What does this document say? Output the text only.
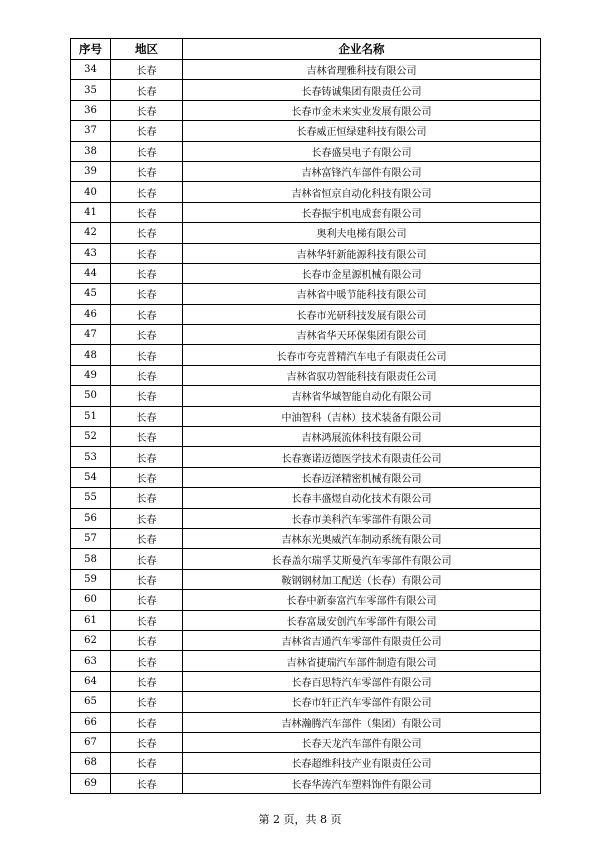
序号	地区	企业名称
34	长春	吉林省理雅科技有限公司
35	长春	长春铸诚集团有限责任公司
36	长春	长春市金未来实业发展有限公司
37	长春	长春威正恒绿建科技有限公司
38	长春	长春盛昊电子有限公司
39	长春	吉林富锋汽车部件有限公司
40	长春	吉林省恒京自动化科技有限公司
41	长春	长春振宇机电成套有限公司
42	长春	奥利夫电梯有限公司
43	长春	吉林华轩新能源科技有限公司
44	长春	长春市金星源机械有限公司
45	长春	吉林省中暖节能科技有限公司
46	长春	长春市光研科技发展有限公司
47	长春	吉林省华天环保集团有限公司
48	长春	长春市夸克普精汽车电子有限责任公司
49	长春	吉林省驭功智能科技有限责任公司
50	长春	吉林省华域智能自动化有限公司
51	长春	中油智科（吉林）技术装备有限公司
52	长春	吉林鸿展流体科技有限公司
53	长春	长春赛诺迈德医学技术有限责任公司
54	长春	长春迈泽精密机械有限公司
55	长春	长春丰盛煜自动化技术有限公司
56	长春	长春市美科汽车零部件有限公司
57	长春	吉林东光奥威汽车制动系统有限公司
58	长春	长春盖尔瑞孚艾斯曼汽车零部件有限公司
59	长春	鞍钢钢材加工配送（长春）有限公司
60	长春	长春中新泰富汽车零部件有限公司
61	长春	长春富晟安创汽车零部件有限公司
62	长春	吉林省吉通汽车零部件有限责任公司
63	长春	吉林省捷瑞汽车部件制造有限公司
64	长春	长春百思特汽车零部件有限公司
65	长春	长春市轩正汽车零部件有限公司
66	长春	吉林瀚腾汽车部件（集团）有限公司
67	长春	长春天龙汽车部件有限公司
68	长春	长春超维科技产业有限责任公司
69	长春	长春华涛汽车塑料饰件有限公司
第 2 页，共 8 页
